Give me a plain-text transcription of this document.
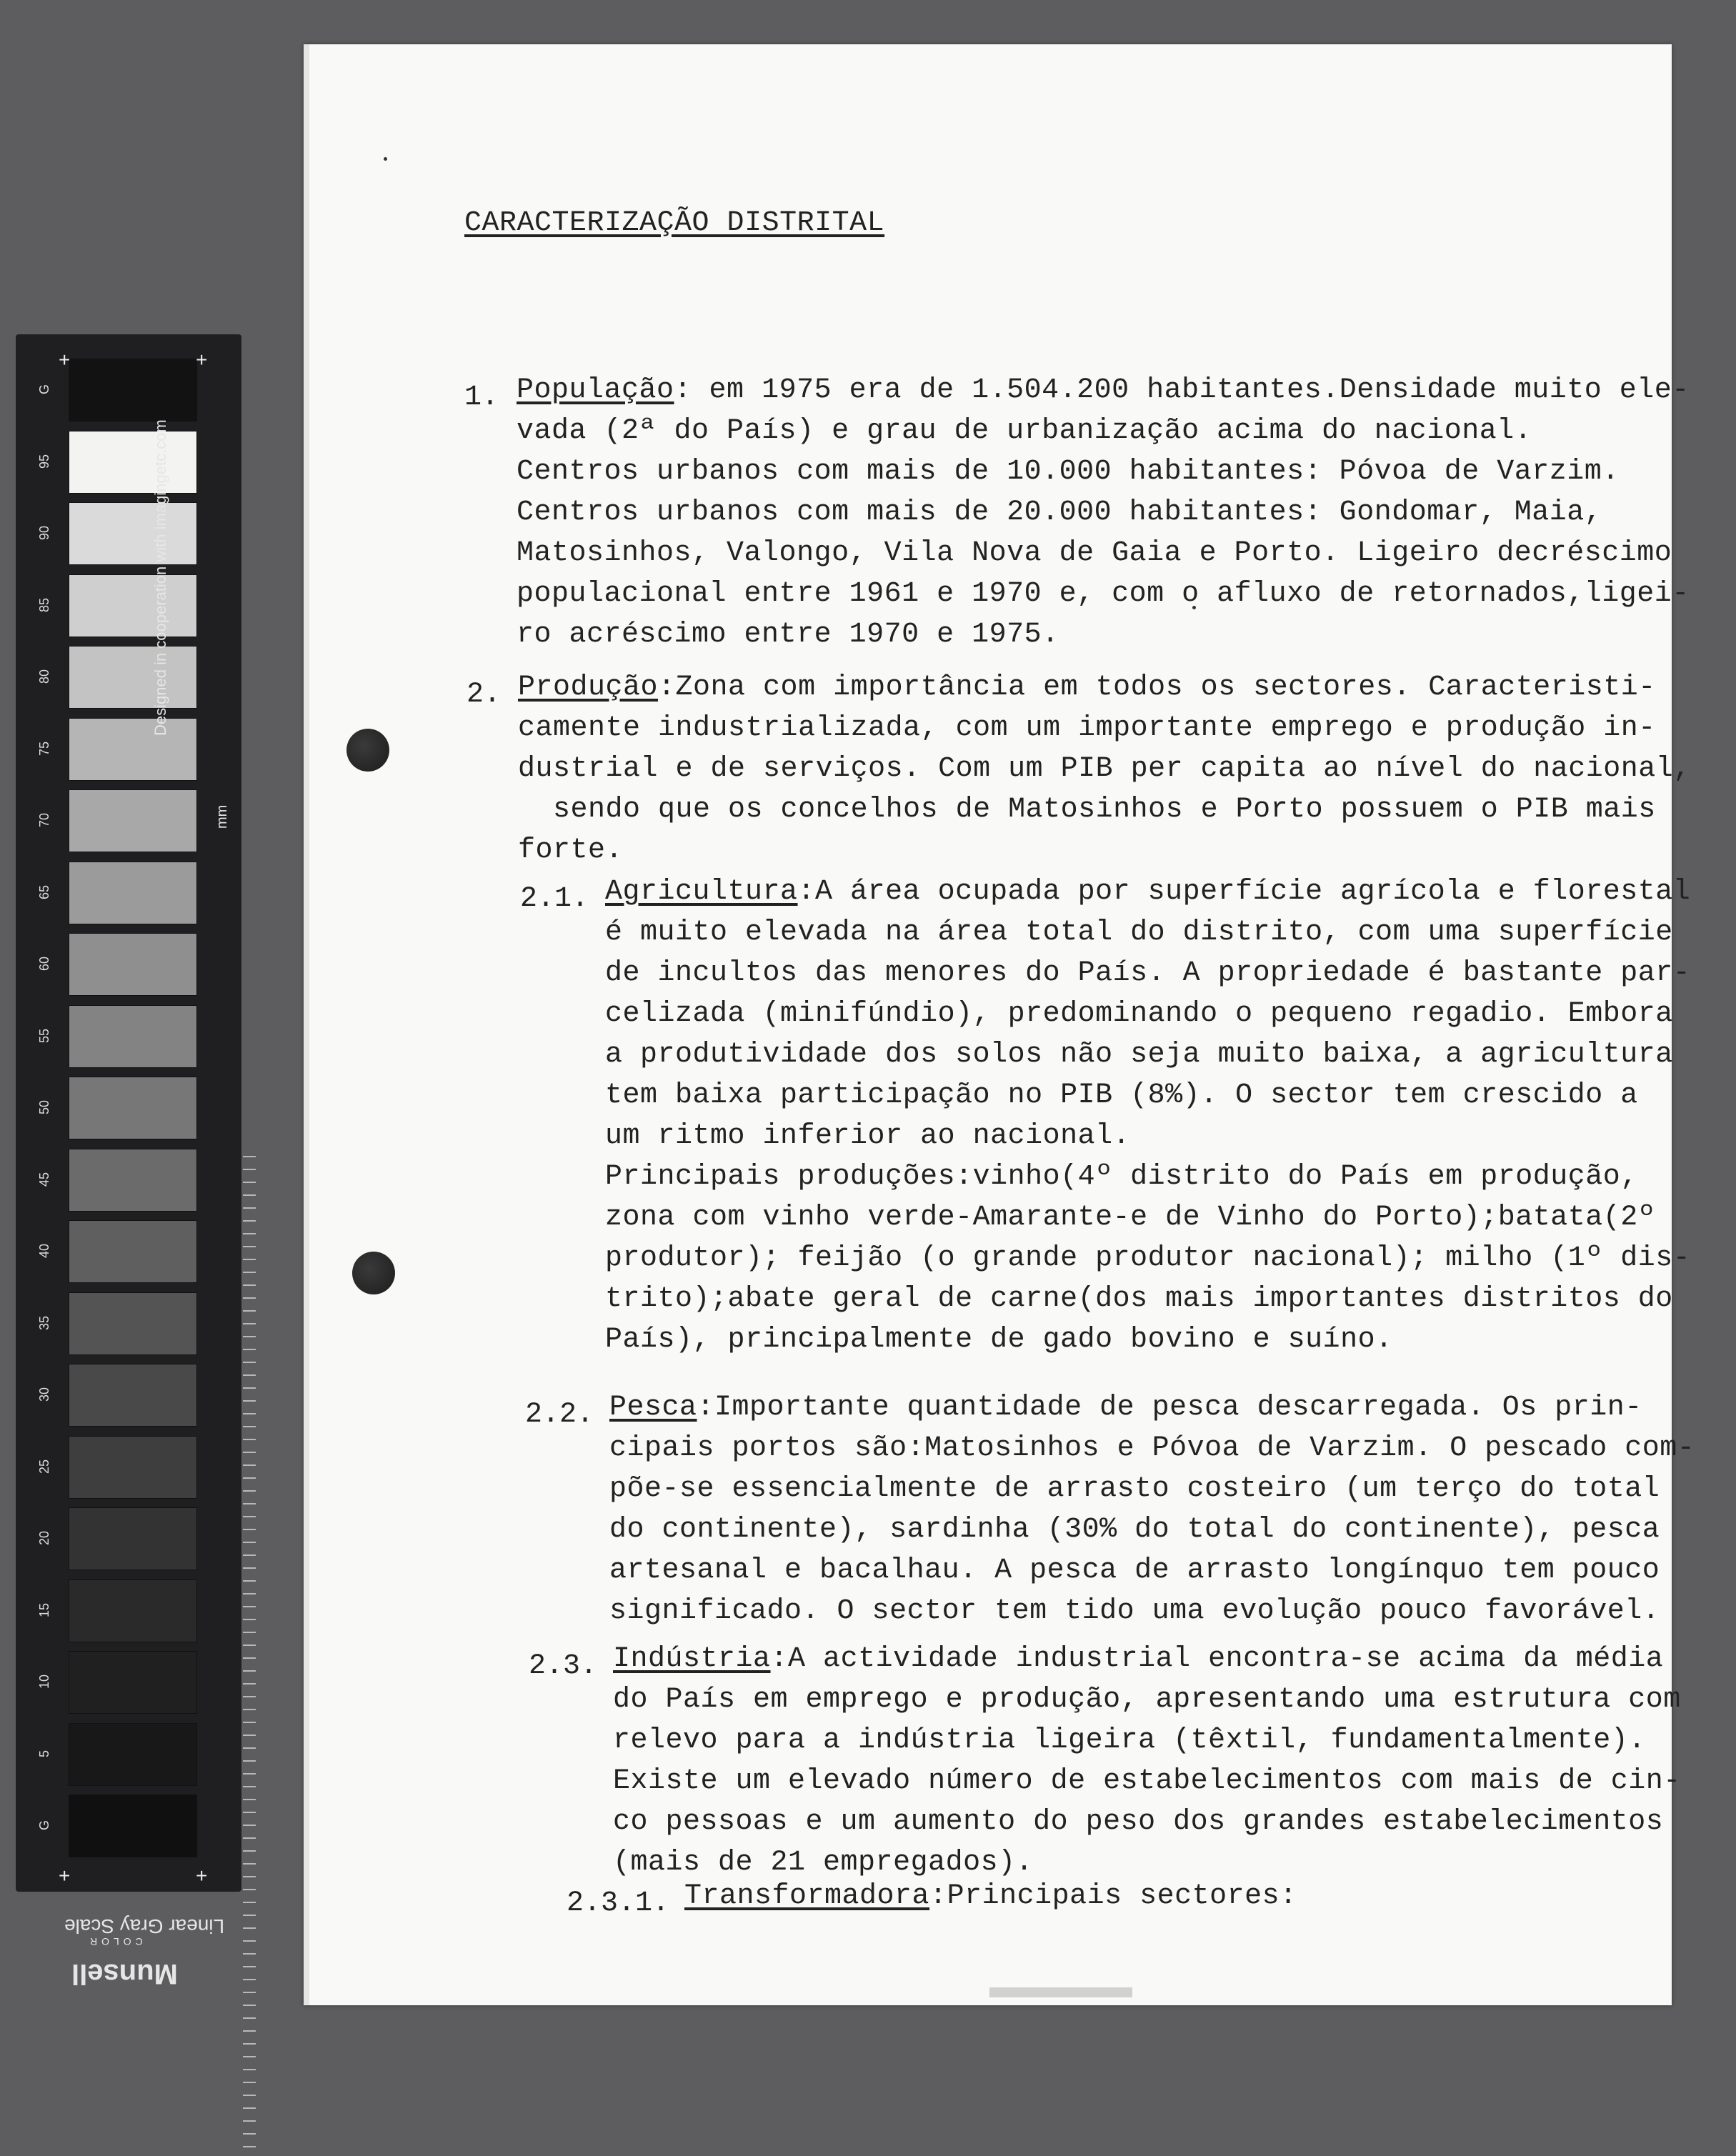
G
95
90
85
80
75
70
65
60
55
50
45
40
35
30
25
20
15
10
5
G
+	+
+	+
Designed in cooperation with imagingetc.com
mm
Linear Gray Scale
COLOR
Munsell

CARACTERIZAÇÃO DISTRITAL

1. População: em 1975 era de 1.504.200 habitantes.Densidade muito ele-

vada (2ª do País) e grau de urbanização acima do nacional.
Centros urbanos com mais de 10.000 habitantes: Póvoa de Varzim.
Centros urbanos com mais de 20.000 habitantes: Gondomar, Maia,
Matosinhos, Valongo, Vila Nova de Gaia e Porto. Ligeiro decréscimo
populacional entre 1961 e 1970 e, com o afluxo de retornados,ligei-
ro acréscimo entre 1970 e 1975.

2. Produção:Zona com importância em todos os sectores. Caracteristi-

camente industrializada, com um importante emprego e produção in-
dustrial e de serviços. Com um PIB per capita ao nível do nacional,
sendo que os concelhos de Matosinhos e Porto possuem o PIB mais
forte.

2.1. Agricultura:A área ocupada por superfície agrícola e florestal

é muito elevada na área total do distrito, com uma superfície
de incultos das menores do País. A propriedade é bastante par-
celizada (minifúndio), predominando o pequeno regadio. Embora
a produtividade dos solos não seja muito baixa, a agricultura
tem baixa participação no PIB (8%). O sector tem crescido a
um ritmo inferior ao nacional.
Principais produções:vinho(4º distrito do País em produção,
zona com vinho verde-Amarante-e de Vinho do Porto);batata(2º
produtor); feijão (o grande produtor nacional); milho (1º dis-
trito);abate geral de carne(dos mais importantes distritos do
País), principalmente de gado bovino e suíno.

2.2. Pesca:Importante quantidade de pesca descarregada. Os prin-

cipais portos são:Matosinhos e Póvoa de Varzim. O pescado com-
põe-se essencialmente de arrasto costeiro (um terço do total
do continente), sardinha (30% do total do continente), pesca
artesanal e bacalhau. A pesca de arrasto longínquo tem pouco
significado. O sector tem tido uma evolução pouco favorável.

2.3. Indústria:A actividade industrial encontra-se acima da média

do País em emprego e produção, apresentando uma estrutura com
relevo para a indústria ligeira (têxtil, fundamentalmente).
Existe um elevado número de estabelecimentos com mais de cin-
co pessoas e um aumento do peso dos grandes estabelecimentos
(mais de 21 empregados).

2.3.1. Transformadora:Principais sectores:
